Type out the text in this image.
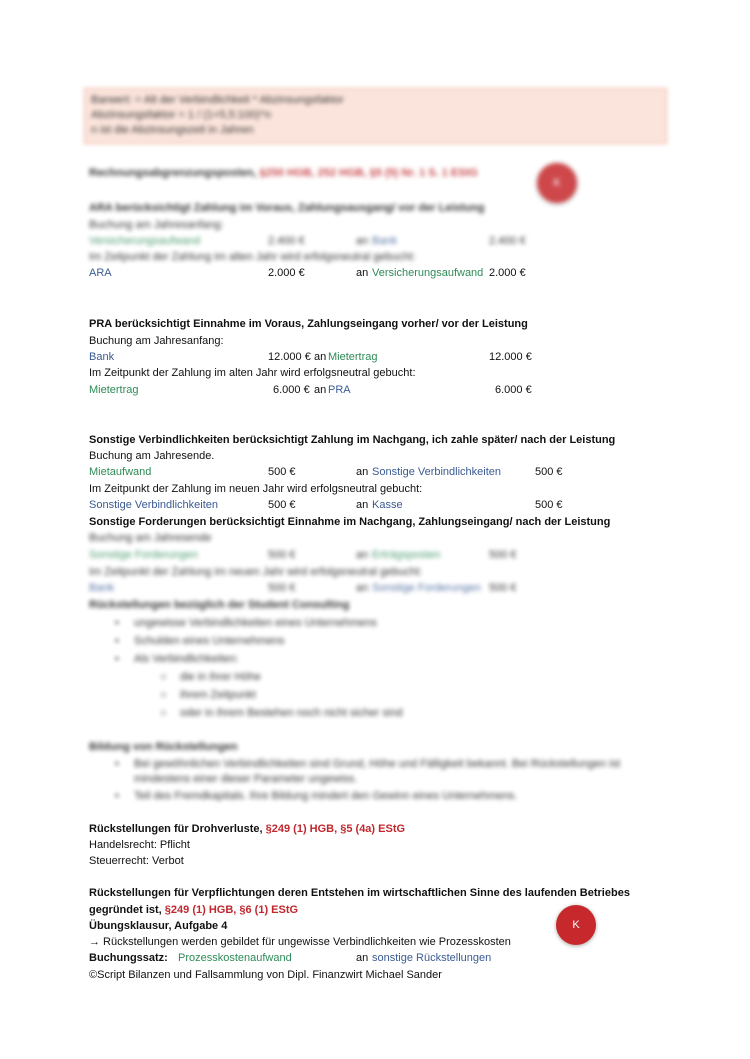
Barwert: = Alt der Verbindlichkeit * Abzinsungsfaktor
Abzinsungsfaktor = 1 / (1+5,5:100)^n
n ist die Abzinsungszeit in Jahren
Rechnungsabgrenzungsposten, §250 HGB, 252 HGB, §5 (5) Nr. 1 S. 1 EStG
K
ARA berücksichtigt Zahlung im Voraus, Zahlungsausgang/ vor der Leistung
Buchung am Jahresanfang:
Versicherungsaufwand	2.400 €	an Bank	2.400 €
Im Zeitpunkt der Zahlung im alten Jahr wird erfolgsneutral gebucht:
ARA	2.000 €	an Versicherungsaufwand 2.000 €
PRA berücksichtigt Einnahme im Voraus, Zahlungseingang vorher/ vor der Leistung
Buchung am Jahresanfang:
Bank	12.000 € an Mietertrag	12.000 €
Im Zeitpunkt der Zahlung im alten Jahr wird erfolgsneutral gebucht:
Mietertrag	6.000 € an PRA	6.000 €
Sonstige Verbindlichkeiten berücksichtigt Zahlung im Nachgang, ich zahle später/ nach der Leistung
Buchung am Jahresende.
Mietaufwand	500 €	an Sonstige Verbindlichkeiten	500 €
Im Zeitpunkt der Zahlung im neuen Jahr wird erfolgsneutral gebucht:
Sonstige Verbindlichkeiten	500 €	an Kasse	500 €
Sonstige Forderungen berücksichtigt Einnahme im Nachgang, Zahlungseingang/ nach der Leistung
Buchung am Jahresende
Sonstige Forderungen	500 €	an Erträgsposten	500 €
Im Zeitpunkt der Zahlung im neuen Jahr wird erfolgsneutral gebucht:
Bank	500 €	an Sonstige Forderungen 500 €
Rückstellungen bezüglich der Student Consulting
• ungewisse Verbindlichkeiten eines Unternehmens
• Schulden eines Unternehmens
• Als Verbindlichkeiten:
○ die in ihrer Höhe
○ ihrem Zeitpunkt
○ oder in ihrem Bestehen noch nicht sicher sind
Bildung von Rückstellungen
• Bei gewöhnlichen Verbindlichkeiten sind Grund, Höhe und Fälligkeit bekannt. Bei Rückstellungen ist
mindestens einer dieser Parameter ungewiss.
• Teil des Fremdkapitals. Ihre Bildung mindert den Gewinn eines Unternehmens.
Rückstellungen für Drohverluste, §249 (1) HGB, §5 (4a) EStG
Handelsrecht: Pflicht
Steuerrecht: Verbot
Rückstellungen für Verpflichtungen deren Entstehen im wirtschaftlichen Sinne des laufenden Betriebes
gegründet ist, §249 (1) HGB, §6 (1) EStG
Übungsklausur, Aufgabe 4	K
→ Rückstellungen werden gebildet für ungewisse Verbindlichkeiten wie Prozesskosten
Buchungssatz: Prozesskostenaufwand	an sonstige Rückstellungen
©Script Bilanzen und Fallsammlung von Dipl. Finanzwirt Michael Sander
